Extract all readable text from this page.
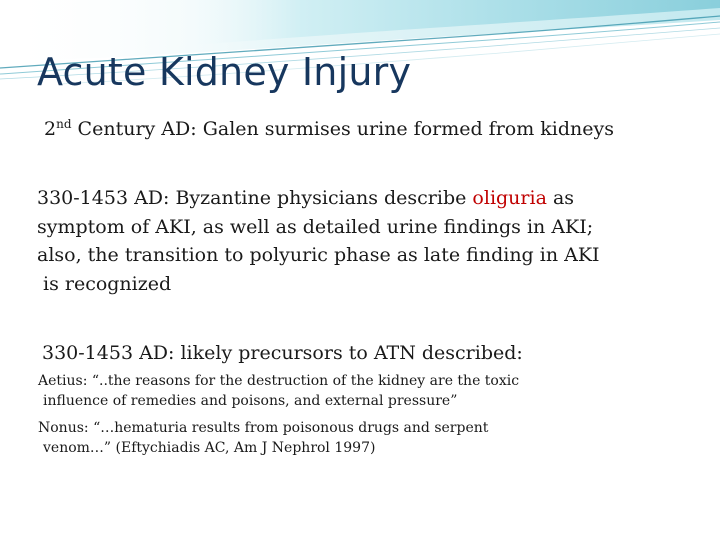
Acute Kidney Injury

2nd Century AD: Galen surmises urine formed from kidneys

330-1453 AD: Byzantine physicians describe oliguria as
symptom of AKI, as well as detailed urine findings in AKI;
also, the transition to polyuric phase as late finding in AKI
is recognized

330-1453 AD: likely precursors to ATN described:

Aetius: “..the reasons for the destruction of the kidney are the toxic
influence of remedies and poisons, and external pressure”
Nonus: “…hematuria results from poisonous drugs and serpent
venom…” (Eftychiadis AC, Am J Nephrol 1997)
